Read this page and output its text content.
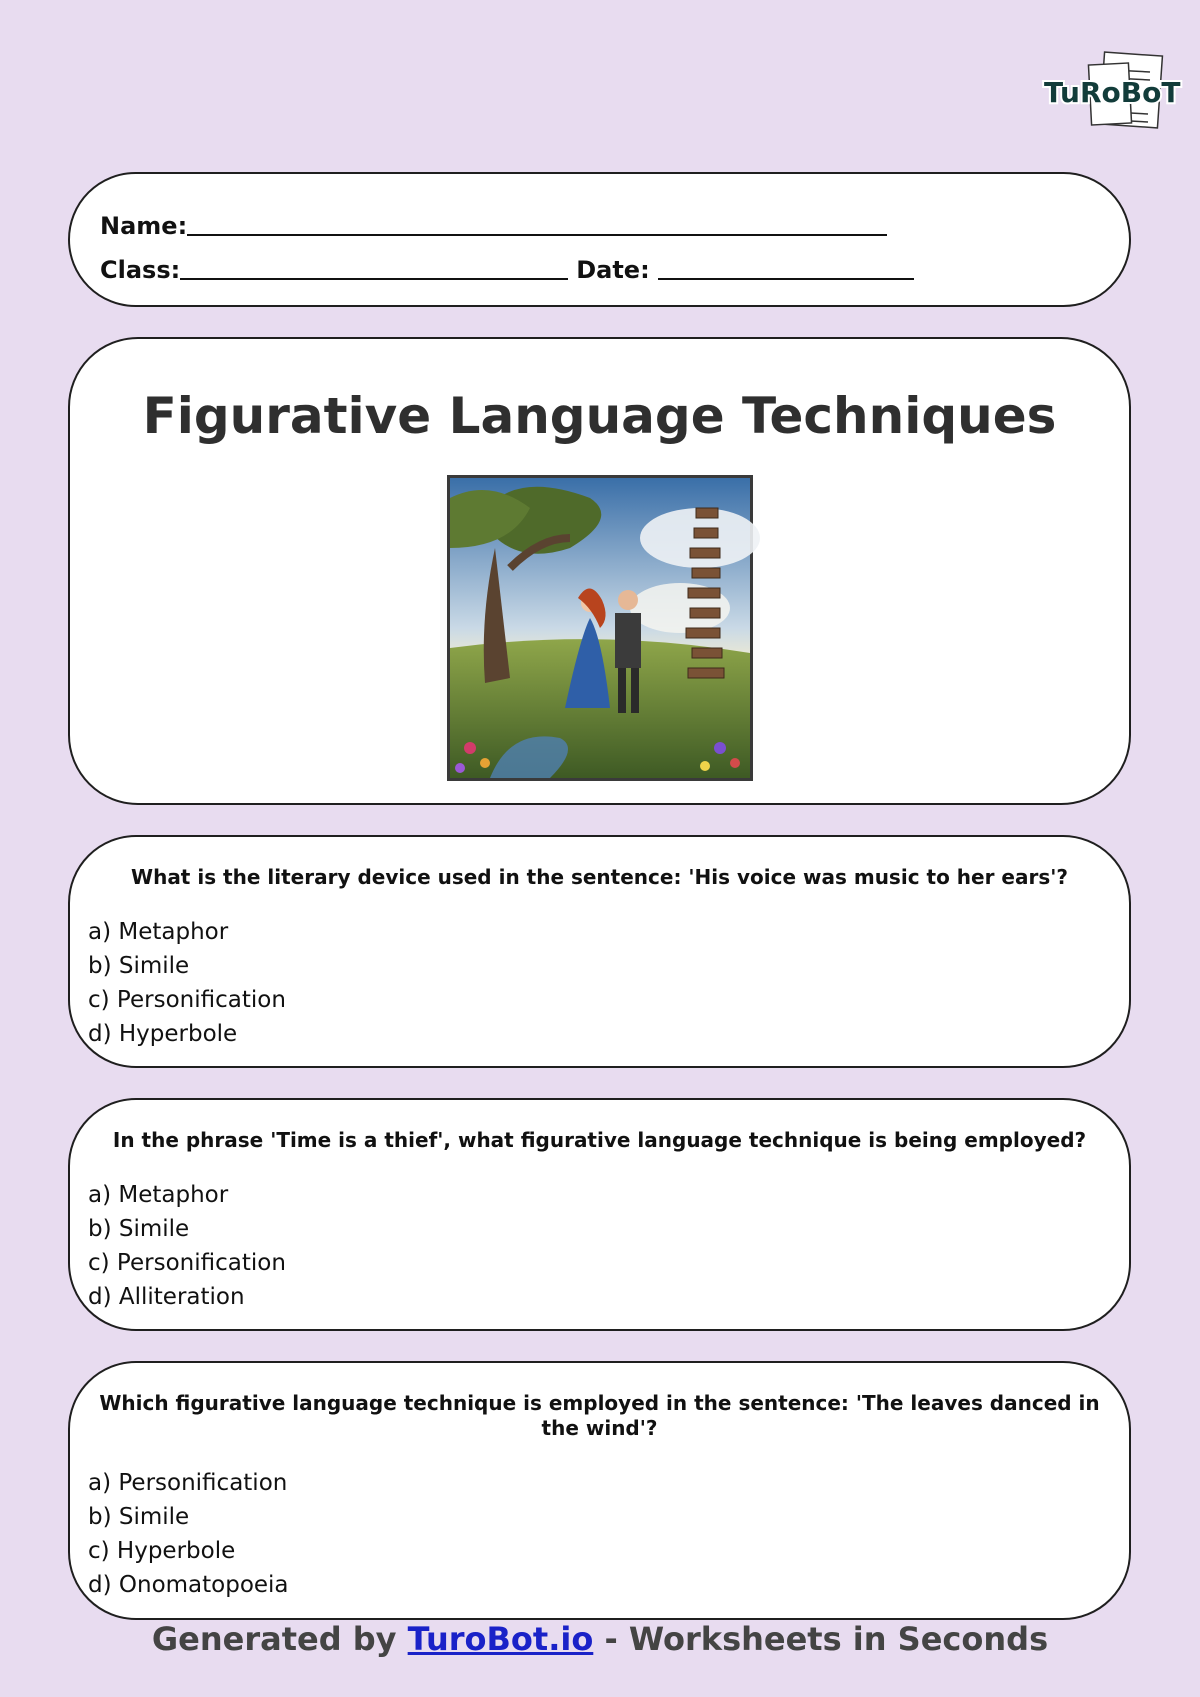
TuRoBoT
Name:
Class:	Date:
Figurative Language Techniques
What is the literary device used in the sentence: 'His voice was music to her ears'?
a) Metaphor
b) Simile
c) Personification
d) Hyperbole
In the phrase 'Time is a thief', what figurative language technique is being employed?
a) Metaphor
b) Simile
c) Personification
d) Alliteration
Which figurative language technique is employed in the sentence: 'The leaves danced in the wind'?
a) Personification
b) Simile
c) Hyperbole
d) Onomatopoeia
Generated by TuroBot.io - Worksheets in Seconds
